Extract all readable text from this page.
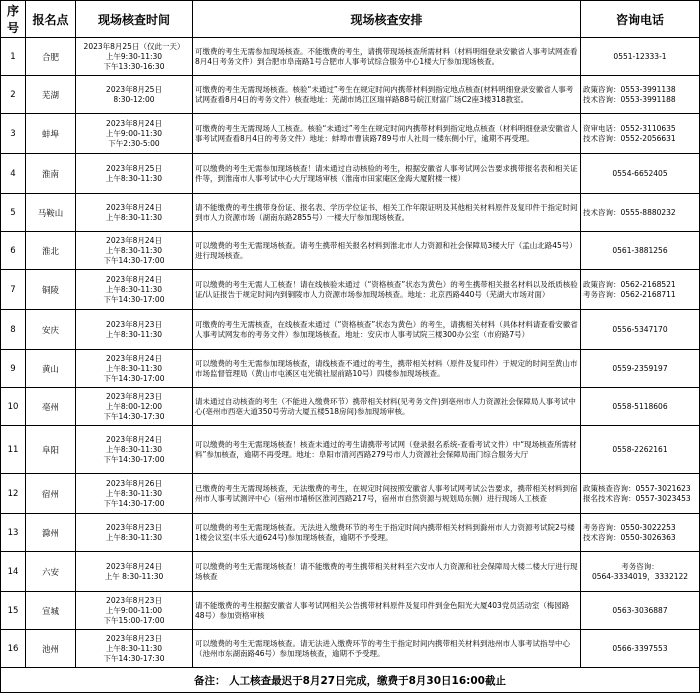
序号	报名点	现场核查时间	现场核查安排	咨询电话
1	合肥	2023年8月25日（仅此一天）
上午9:30-11:30
下午13:30-16:30	可缴费的考生无需参加现场核查。不能缴费的考生，请携带现场核查所需材料（材料明细登录安徽省人事考试网查看8月4日考务文件）到合肥市阜南路1号合肥市人事考试综合服务中心1楼大厅参加现场核查。	0551-12333-1

2	芜湖	2023年8月25日
8:30-12:00	可缴费的考生无需现场核查。核验“未通过”考生在规定时间内携带材料到指定地点核查(材料明细登录安徽省人事考试网查看8月4日的考务文件）核查地址：芜湖市鸠江区瑞祥路88号皖江财富广场C2座3楼318教室。	政策咨询：0553-3991138
技术咨询：0553-3991188

3	蚌埠	2023年8月24日
上午9:00-11:30
下午2:30-5:00	可缴费的考生无需现场人工核查。核验“未通过”考生在规定时间内携带材料到指定地点核查（材料明细登录安徽省人事考试网查看8月4日的考务文件）地址：蚌埠市曹读路789号市人社局一楼东侧小厅，逾期不再受理。	资审电话：0552-3110635
技术咨询：0552-2056631

4	淮南	2023年8月25日
上午8:30-11:30	可以缴费的考生无需参加现场核查！请未通过自动核验的考生，根据安徽省人事考试网公告要求携带报名表和相关证件等，到淮南市人事考试中心大厅现场审核（淮南市田家庵区金海大厦附楼一楼）	0554-6652405

5	马鞍山	2023年8月24日
上午8:30-11:30	请不能缴费的考生携带身份证、报名表、学历学位证书、相关工作年限证明及其他相关材料原件及复印件于指定时间到市人力资源市场（湖南东路2855号）一楼大厅参加现场核查。	技术咨询：0555-8880232

6	淮北	2023年8月24日
上午8:30-11:30
下午14:30-17:00	可以缴费的考生无需现场核查。请考生携带相关报名材料到淮北市人力资源和社会保障局3楼大厅（孟山北路45号）进行现场核查。	0561-3881256

7	铜陵	2023年8月24日
上午8:30-11:30
下午14:30-17:00	可以缴费的考生无需人工核查！请在线核验未通过（“资格核查”状态为黄色）的考生携带相关报名材料以及纸质核验证/认证报告于规定时间内到铜陵市人力资源市场参加现场核查。地址：北京西路440号（芜湖大市场对面）	政策咨询：0562-2168521
考务咨询：0562-2168711

8	安庆	2023年8月23日
上午8:30-11:30	可缴费的考生无需核查，在线核查未通过（“资格核查”状态为黄色）的考生，请携相关材料（具体材料请查看安徽省人事考试网发布的考务文件）参加现场核查。地址：安庆市人事考试院三楼300办公室（市府路7号）	0556-5347170

9	黄山	2023年8月24日
上午8:30-11:30
下午14:30-17:00	可以缴费的考生无需参加现场核查，请线核查不通过的考生，携带相关材料（原件及复印件）于规定的时间至黄山市市场监督管理局（黄山市屯溪区屯光镇社屋前路10号）四楼参加现场核查。	0559-2359197

10	亳州	2023年8月23日
上午8:00-12:00
下午14:30-17:30	请未通过自动核查的考生（不能进入缴费环节）携带相关材料(见考务文件)到亳州市人力资源社会保障局人事考试中心(亳州市西亳大道350号劳动大厦五楼518房间)参加现场审核。	0558-5118606

11	阜阳	2023年8月24日
上午8:30-11:30
下午14:30-17:00	可以缴费的考生无需现场核查！核查未通过的考生请携带考试网（登录报名系统-查看考试文件）中“现场核查所需材料”参加核查，逾期不再受理。地址：阜阳市清河西路279号市人力资源社会保障局南门综合服务大厅	0558-2262161

12	宿州	2023年8月26日
上午8:30-11:30
下午14:30-17:00	已缴费的考生无需现场核查，无法缴费的考生，在规定时间按照安徽省人事考试网考试公告要求，携带相关材料到宿州市人事考试测评中心（宿州市埇桥区淮河西路217号，宿州市自然资源与规划局东侧）进行现场人工核查	政策核查咨询：0557-3021623
报名技术咨询：0557-3023453

13	滁州	2023年8月23日
上午8:30-11:30	可以缴费的考生无需现场核查。无法进入缴费环节的考生于指定时间内携带相关材料到滁州市人力资源考试院2号楼1楼会议室(丰乐大道624号)参加现场核查，逾期不予受理。	考务咨询：0550-3022253
技术咨询：0550-3026363

14	六安	2023年8月24日
上午 8:30-11:30	可以缴费的考生无需现场核查！请不能缴费的考生携带相关材料至六安市人力资源和社会保障局大楼二楼大厅进行现场核查	考务咨询：
0564-3334019，3332122

15	宣城	2023年8月23日
上午9:00-11:00
下午15:00-17:00	请不能缴费的考生根据安徽省人事考试网相关公告携带材料原件及复印件到金色阳光大厦403党员活动室（梅园路48号）参加资格审核	0563-3036887

16	池州	2023年8月23日
上午8:30-11:30
下午14:30-17:30	可以缴费的考生无需现场核查。请无法进入缴费环节的考生于指定时间内携带相关材料到池州市人事考试指导中心（池州市东湖南路46号）参加现场核查，逾期不予受理。	0566-3397553

备注： 人工核查最迟于8月27日完成，缴费于8月30日16:00截止				
